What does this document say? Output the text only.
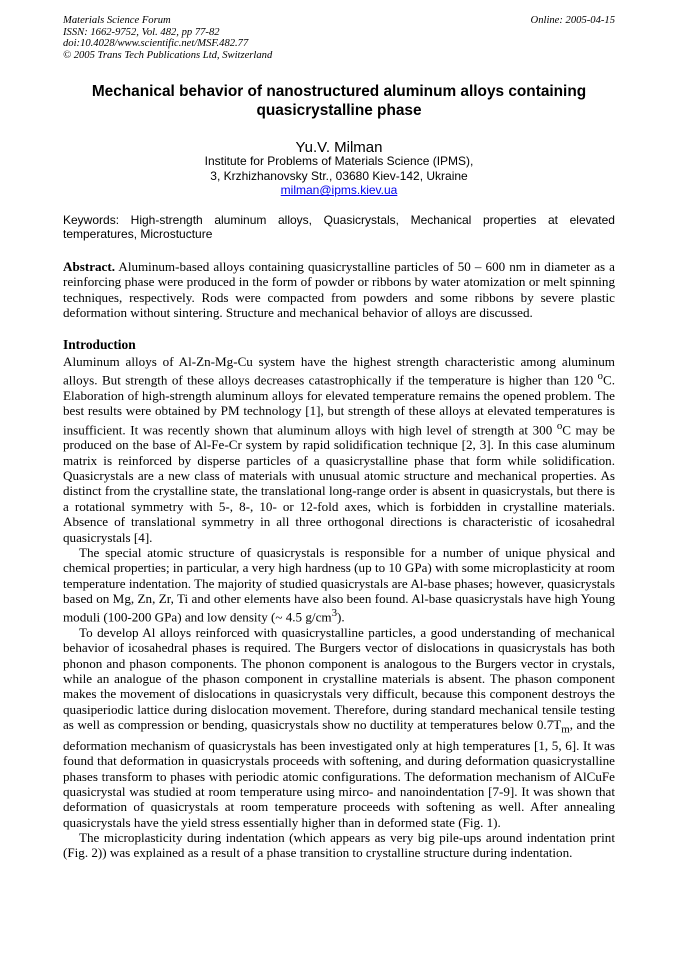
Materials Science Forum
ISSN: 1662-9752, Vol. 482, pp 77-82
doi:10.4028/www.scientific.net/MSF.482.77
© 2005 Trans Tech Publications Ltd, Switzerland
Online: 2005-04-15
Mechanical behavior of nanostructured aluminum alloys containing
quasicrystalline phase
Yu.V. Milman
Institute for Problems of Materials Science (IPMS),
3, Krzhizhanovsky Str., 03680 Kiev-142, Ukraine
milman@ipms.kiev.ua
Keywords: High-strength aluminum alloys, Quasicrystals, Mechanical properties at elevated temperatures, Microstucture
Abstract. Aluminum-based alloys containing quasicrystalline particles of 50 – 600 nm in diameter as a reinforcing phase were produced in the form of powder or ribbons by water atomization or melt spinning techniques, respectively. Rods were compacted from powders and some ribbons by severe plastic deformation without sintering. Structure and mechanical behavior of alloys are discussed.
Introduction

Aluminum alloys of Al-Zn-Mg-Cu system have the highest strength characteristic among aluminum alloys. But strength of these alloys decreases catastrophically if the temperature is higher than 120 $^o$C. Elaboration of high-strength aluminum alloys for elevated temperature remains the opened problem. The best results were obtained by PM technology [1], but strength of these alloys at elevated temperatures is insufficient. It was recently shown that aluminum alloys with high level of strength at 300 $^o$C may be produced on the base of Al-Fe-Cr system by rapid solidification technique [2, 3]. In this case aluminum matrix is reinforced by disperse particles of a quasicrystalline phase that form while solidification. Quasicrystals are a new class of materials with unusual atomic structure and mechanical properties. As distinct from the crystalline state, the translational long-range order is absent in quasicrystals, but there is a rotational symmetry with 5-, 8-, 10- or 12-fold axes, which is forbidden in crystalline materials. Absence of translational symmetry in all three orthogonal directions is characteristic of icosahedral quasicrystals [4].

The special atomic structure of quasicrystals is responsible for a number of unique physical and chemical properties; in particular, a very high hardness (up to 10 GPa) with some microplasticity at room temperature indentation. The majority of studied quasicrystals are Al-base phases; however, quasicrystals based on Mg, Zn, Zr, Ti and other elements have also been found. Al-base quasicrystals have high Young moduli (100-200 GPa) and low density (~ 4.5 $g/cm^3$).

To develop Al alloys reinforced with quasicrystalline particles, a good understanding of mechanical behavior of icosahedral phases is required. The Burgers vector of dislocations in quasicrystals has both phonon and phason components. The phonon component is analogous to the Burgers vector in crystals, while an analogue of the phason component in crystalline materials is absent. The phason component makes the movement of dislocations in quasicrystals very difficult, because this component destroys the quasiperiodic lattice during dislocation movement. Therefore, during standard mechanical tensile testing as well as compression or bending, quasicrystals show no ductility at temperatures below $0.7T_m$, and the deformation mechanism of quasicrystals has been investigated only at high temperatures [1, 5, 6]. It was found that deformation in quasicrystals proceeds with softening, and during deformation quasicrystalline phases transform to phases with periodic atomic configurations. The deformation mechanism of AlCuFe quasicrystal was studied at room temperature using mirco- and nanoindentation [7-9]. It was shown that deformation of quasicrystals at room temperature proceeds with softening as well. After annealing quasicrystals have the yield stress essentially higher than in deformed state (Fig. 1).

The microplasticity during indentation (which appears as very big pile-ups around indentation print (Fig. 2)) was explained as a result of a phase transition to crystalline structure during indentation.
